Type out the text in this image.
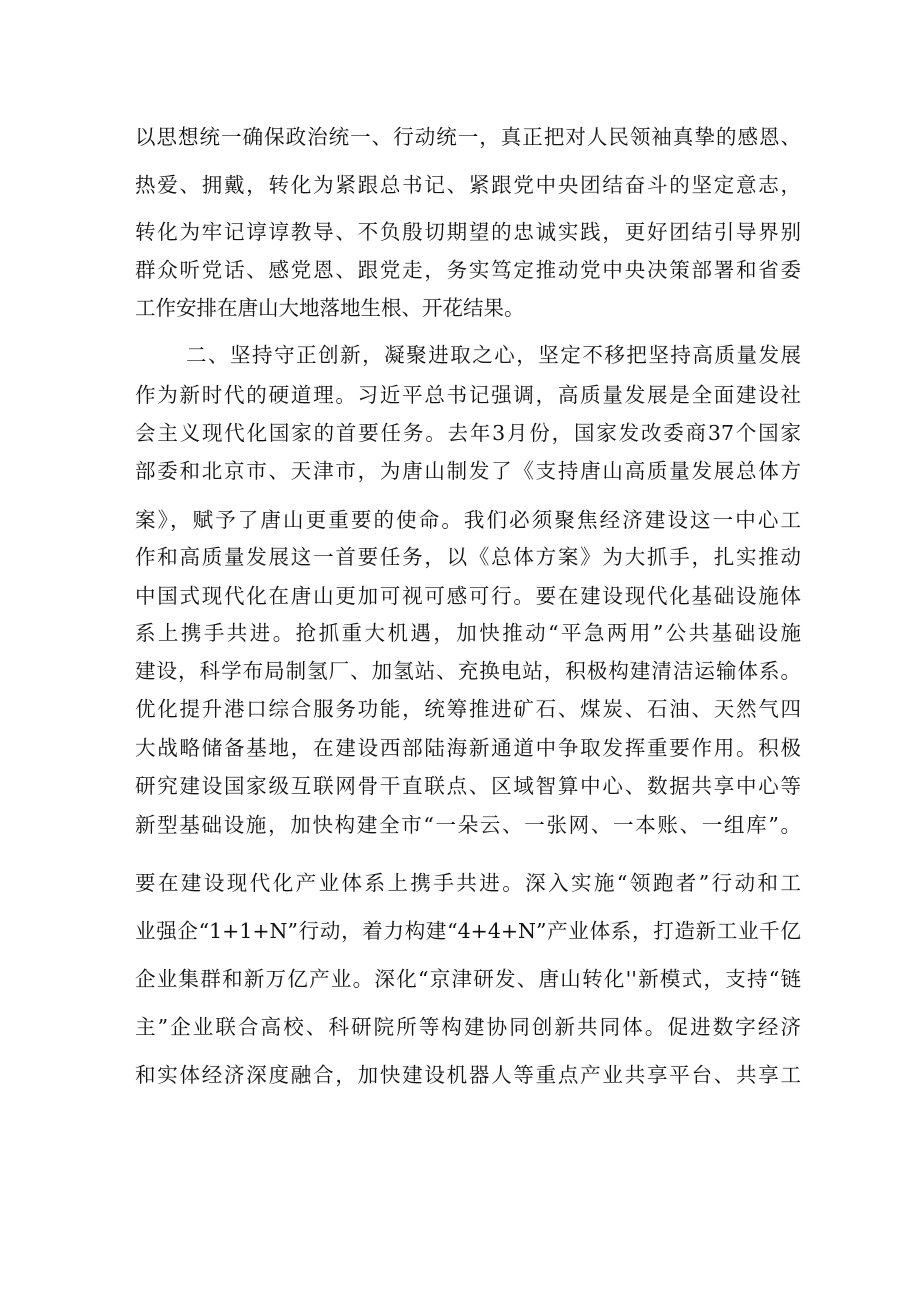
以思想统一确保政治统一、行动统一，真正把对人民领袖真挚的感恩、
热爱、拥戴，转化为紧跟总书记、紧跟党中央团结奋斗的坚定意志，
转化为牢记谆谆教导、不负殷切期望的忠诚实践，更好团结引导界别
群众听党话、感党恩、跟党走，务实笃定推动党中央决策部署和省委
工作安排在唐山大地落地生根、开花结果。
二、坚持守正创新，凝聚进取之心，坚定不移把坚持高质量发展
作为新时代的硬道理。习近平总书记强调，高质量发展是全面建设社
会主义现代化国家的首要任务。去年3月份，国家发改委商37个国家
部委和北京市、天津市，为唐山制发了《支持唐山高质量发展总体方
案》，赋予了唐山更重要的使命。我们必须聚焦经济建设这一中心工
作和高质量发展这一首要任务，以《总体方案》为大抓手，扎实推动
中国式现代化在唐山更加可视可感可行。要在建设现代化基础设施体
系上携手共进。抢抓重大机遇，加快推动“平急两用”公共基础设施
建设，科学布局制氢厂、加氢站、充换电站，积极构建清洁运输体系。
优化提升港口综合服务功能，统筹推进矿石、煤炭、石油、天然气四
大战略储备基地，在建设西部陆海新通道中争取发挥重要作用。积极
研究建设国家级互联网骨干直联点、区域智算中心、数据共享中心等
新型基础设施，加快构建全市“一朵云、一张网、一本账、一组库”。
要在建设现代化产业体系上携手共进。深入实施“领跑者”行动和工
业强企“1+1+N”行动，着力构建“4+4+N”产业体系，打造新工业千亿
企业集群和新万亿产业。深化“京津研发、唐山转化''新模式，支持“链
主”企业联合高校、科研院所等构建协同创新共同体。促进数字经济
和实体经济深度融合，加快建设机器人等重点产业共享平台、共享工
